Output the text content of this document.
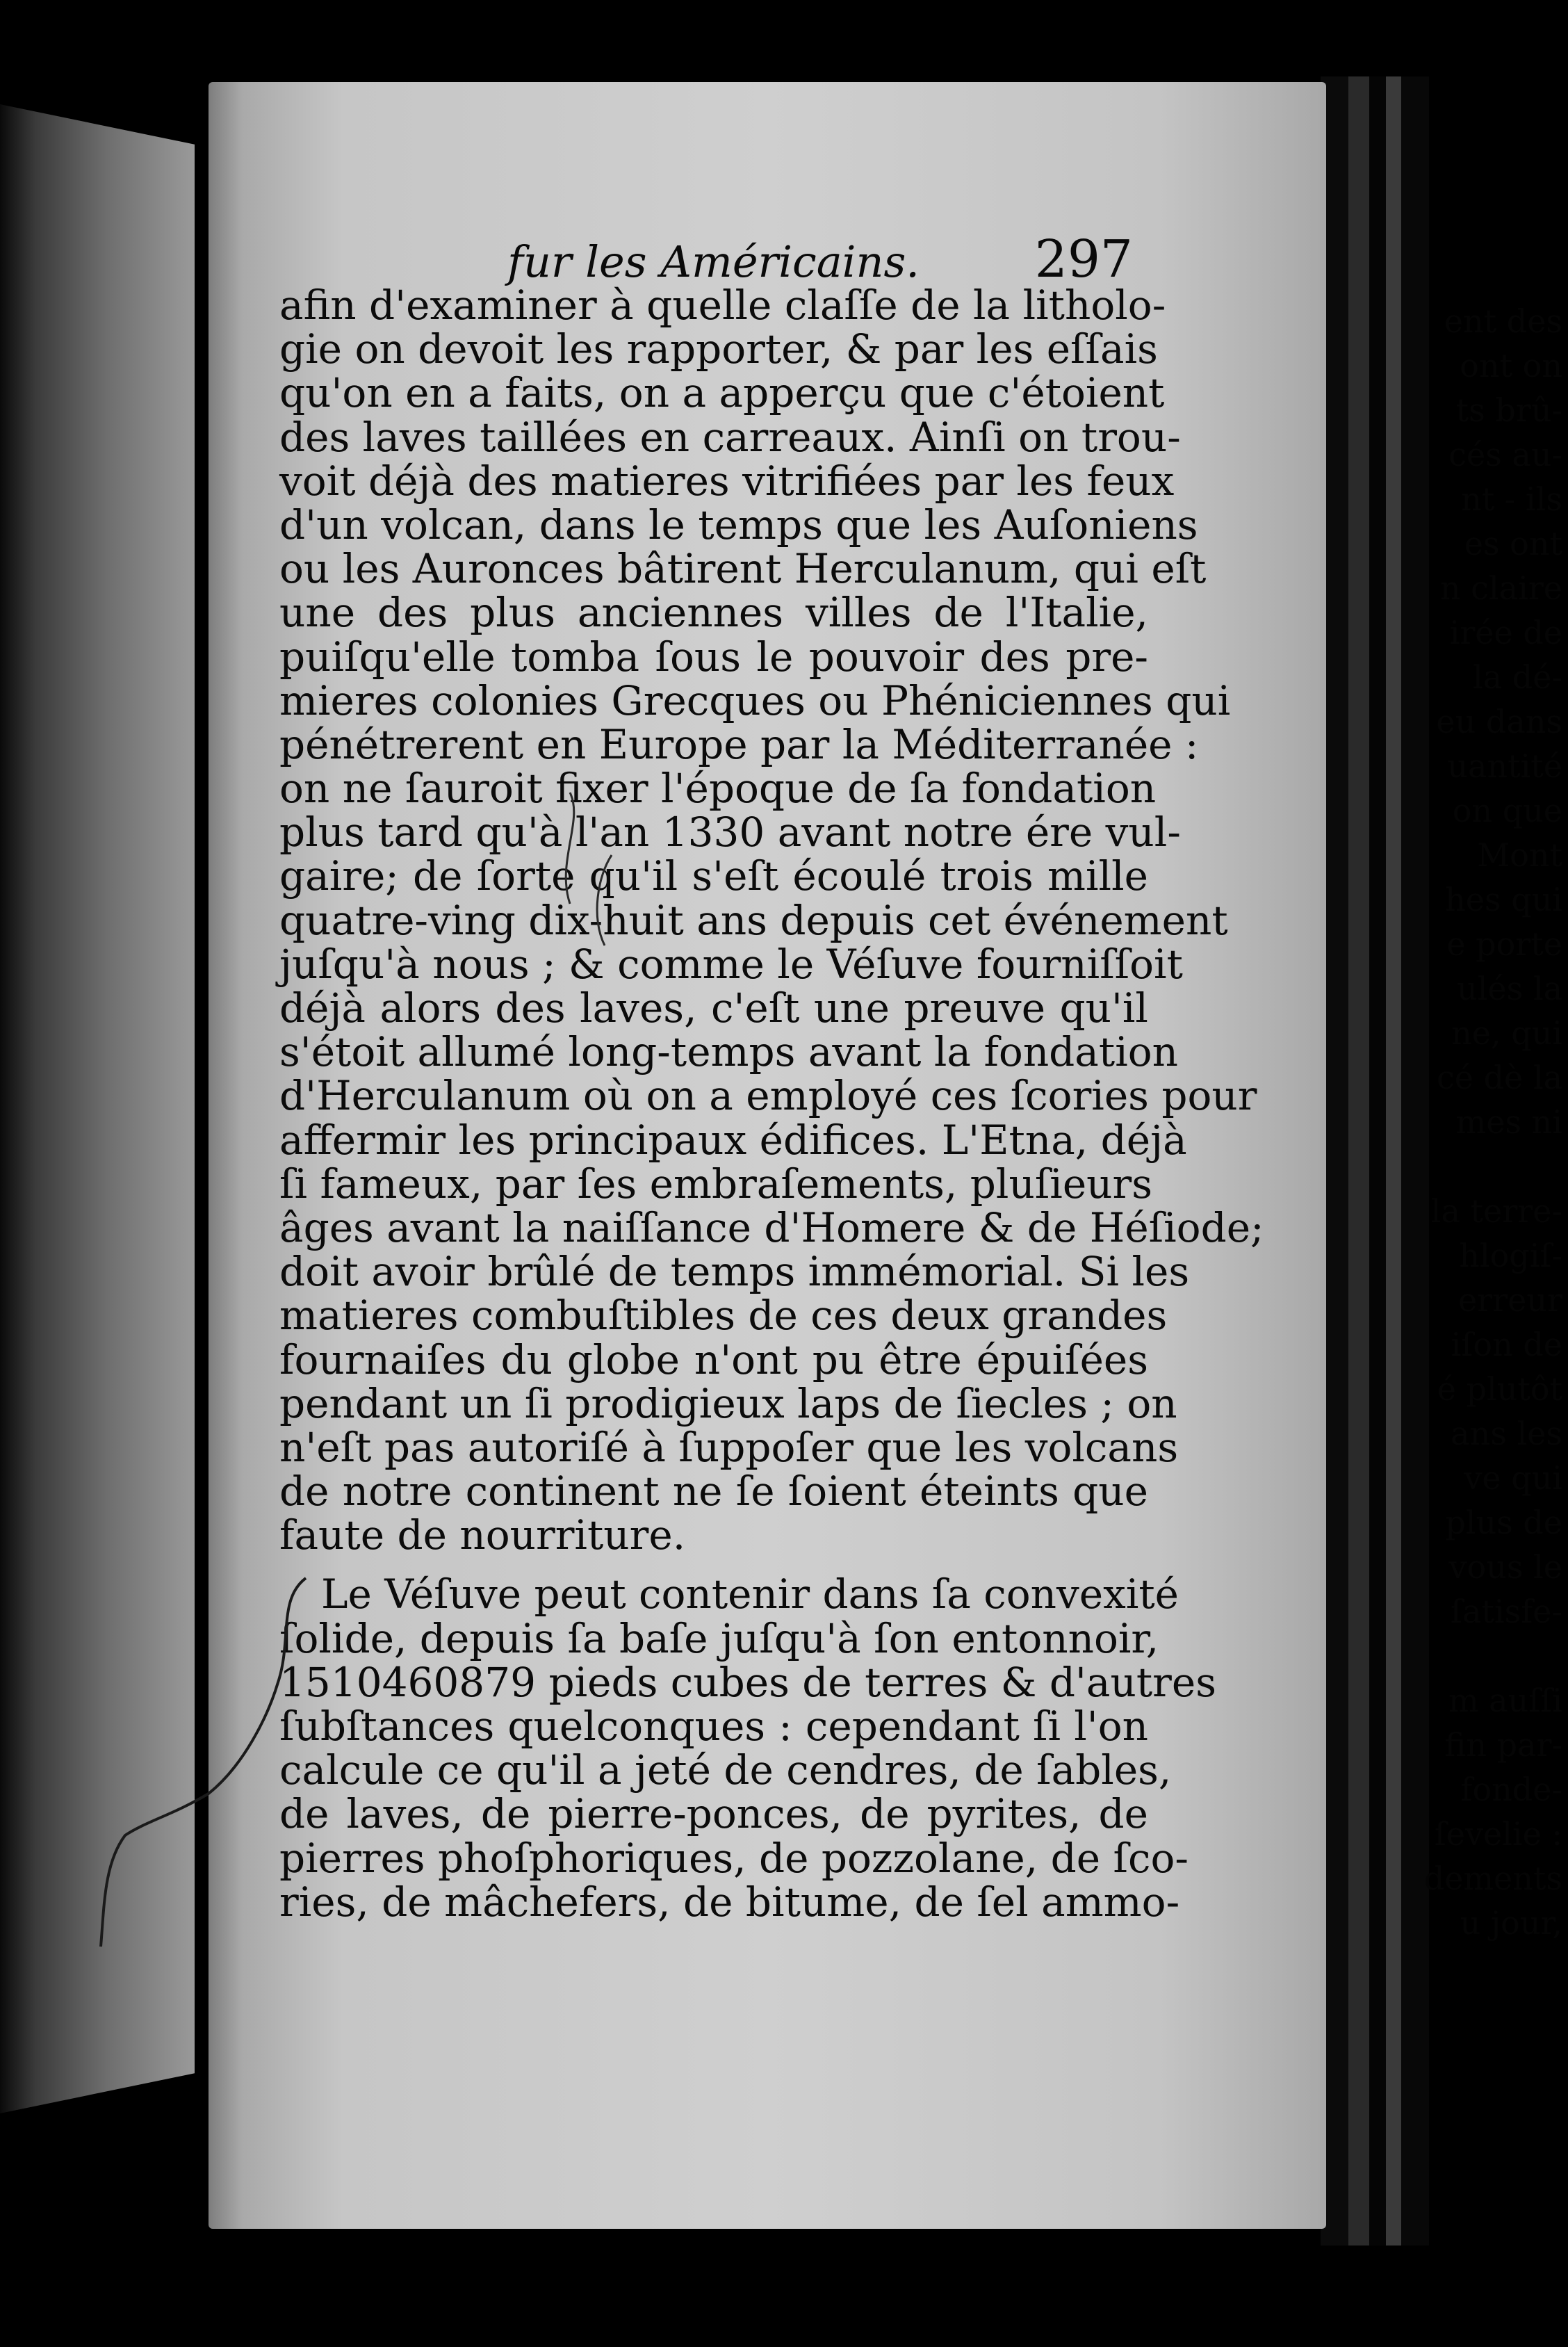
ent des
ont on
ts brû-
cés au-
nt - ils
es ont
n claire
irée de
la dé-
eu dans
uantité
on que
Mont
hes qui
e porte
ulés la
ne, qui
cé dè la
mes ni
la terre-
hlogiſ-
erreur
iſon de
é plutôt
ans les
ve qui
plus de
vous le
ſatisfe-
m auſſi
fin par-
fonde-
ſevelie :
dements
u jour,
fur les Américains. 297
afin d'examiner à quelle claſſe de la litholo-
gie on devoit les rapporter, & par les eſſais
qu'on en a faits, on a apperçu que c'étoient
des laves taillées en carreaux. Ainſi on trou-
voit déjà des matieres vitrifiées par les feux
d'un volcan, dans le temps que les Auſoniens
ou les Auronces bâtirent Herculanum, qui eſt
une des plus anciennes villes de l'Italie,
puiſqu'elle tomba ſous le pouvoir des pre-
mieres colonies Grecques ou Phéniciennes qui
pénétrerent en Europe par la Méditerranée :
on ne ſauroit fixer l'époque de ſa fondation
plus tard qu'à l'an 1330 avant notre ére vul-
gaire; de ſorte qu'il s'eſt écoulé trois mille
quatre-ving dix-huit ans depuis cet événement
juſqu'à nous ; & comme le Véſuve fourniſſoit
déjà alors des laves, c'eſt une preuve qu'il
s'étoit allumé long-temps avant la fondation
d'Herculanum où on a employé ces ſcories pour
affermir les principaux édifices. L'Etna, déjà
ſi fameux, par ſes embraſements, pluſieurs
âges avant la naiſſance d'Homere & de Héſiode;
doit avoir brûlé de temps immémorial. Si les
matieres combuſtibles de ces deux grandes
fournaiſes du globe n'ont pu être épuiſées
pendant un ſi prodigieux laps de ſiecles ; on
n'eſt pas autoriſé à ſuppoſer que les volcans
de notre continent ne ſe ſoient éteints que
faute de nourriture.
Le Véſuve peut contenir dans ſa convexité
ſolide, depuis ſa baſe juſqu'à ſon entonnoir,
1510460879 pieds cubes de terres & d'autres
ſubſtances quelconques : cependant ſi l'on
calcule ce qu'il a jeté de cendres, de ſables,
de laves, de pierre-ponces, de pyrites, de
pierres phoſphoriques, de pozzolane, de ſco-
ries, de mâchefers, de bitume, de ſel ammo-
